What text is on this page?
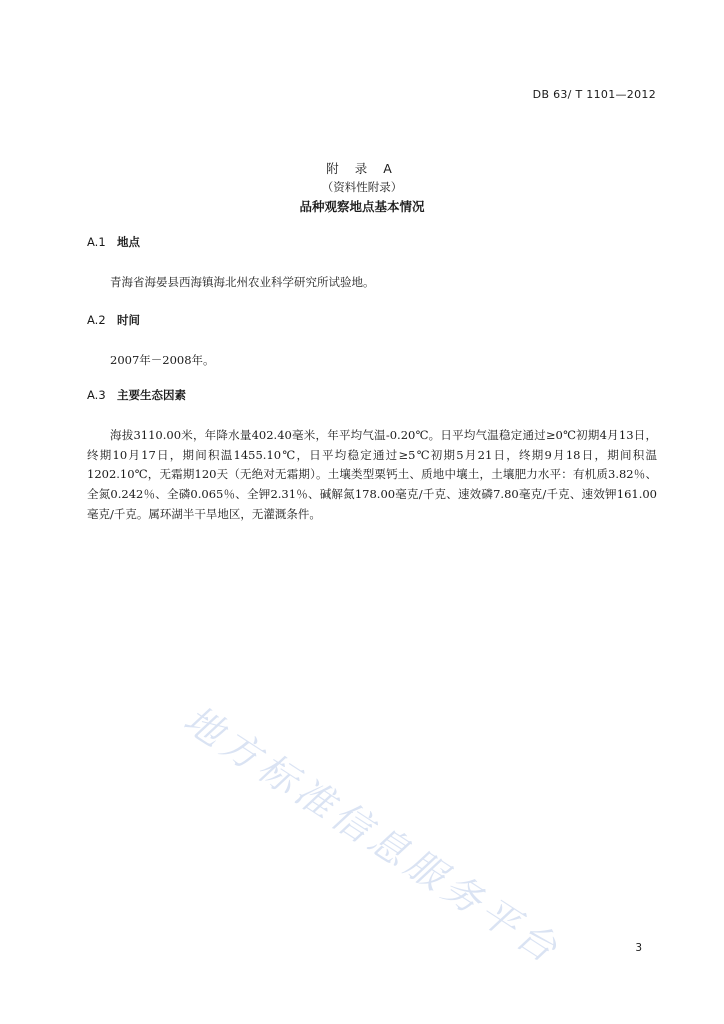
DB 63/ T 1101—2012
附 录 A
（资料性附录）
品种观察地点基本情况
A.1 地点

青海省海晏县西海镇海北州农业科学研究所试验地。

A.2 时间

2007年－2008年。

A.3 主要生态因素

海拔3110.00米，年降水量402.40毫米，年平均气温-0.20℃。日平均气温稳定通过≥0℃初期4月13日，终期10月17日，期间积温1455.10℃，日平均稳定通过≥5℃初期5月21日，终期9月18日，期间积温1202.10℃，无霜期120天（无绝对无霜期）。土壤类型栗钙土、质地中壤土，土壤肥力水平：有机质3.82％、全氮0.242％、全磷0.065％、全钾2.31％、碱解氮178.00毫克/千克、速效磷7.80毫克/千克、速效钾161.00毫克/千克。属环湖半干旱地区，无灌溉条件。

地方标准信息服务平台	3
